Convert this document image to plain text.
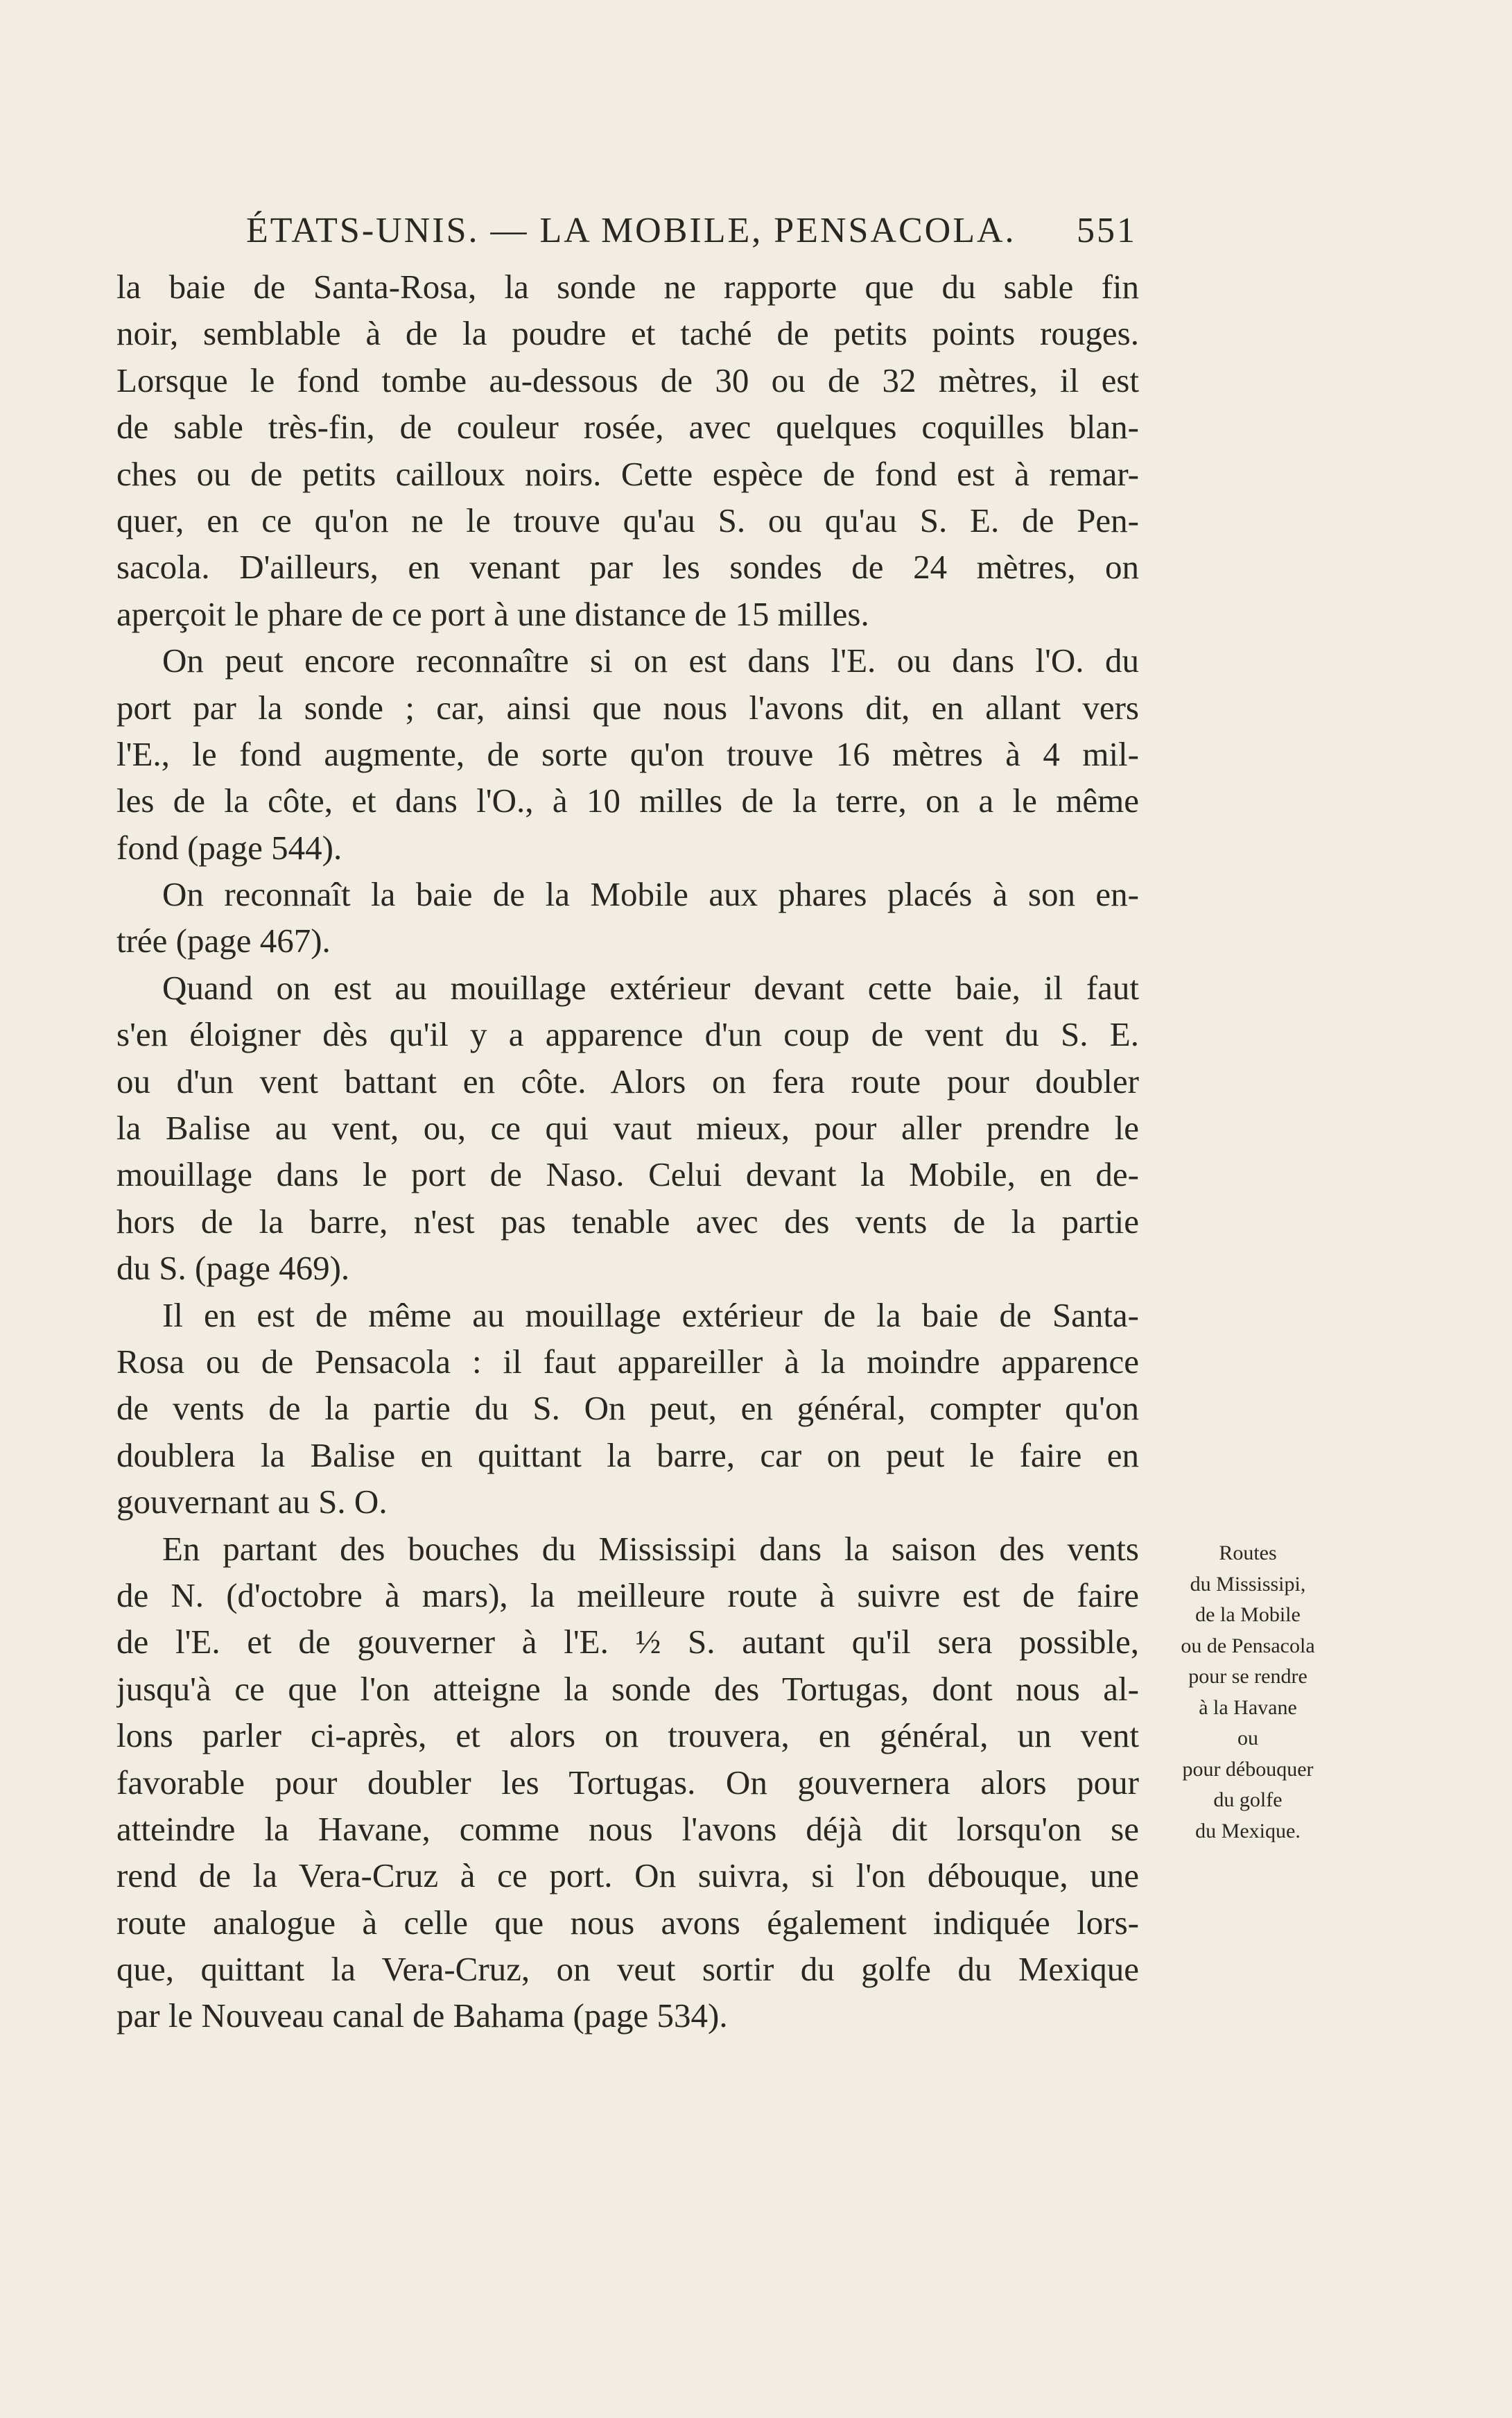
ÉTATS-UNIS. — LA MOBILE, PENSACOLA. 551
la baie de Santa-Rosa, la sonde ne rapporte que du sable fin
noir, semblable à de la poudre et taché de petits points rouges.
Lorsque le fond tombe au-dessous de 30 ou de 32 mètres, il est
de sable très-fin, de couleur rosée, avec quelques coquilles blan-
ches ou de petits cailloux noirs. Cette espèce de fond est à remar-
quer, en ce qu'on ne le trouve qu'au S. ou qu'au S. E. de Pen-
sacola. D'ailleurs, en venant par les sondes de 24 mètres, on
aperçoit le phare de ce port à une distance de 15 milles.
On peut encore reconnaître si on est dans l'E. ou dans l'O. du
port par la sonde ; car, ainsi que nous l'avons dit, en allant vers
l'E., le fond augmente, de sorte qu'on trouve 16 mètres à 4 mil-
les de la côte, et dans l'O., à 10 milles de la terre, on a le même
fond (page 544).
On reconnaît la baie de la Mobile aux phares placés à son en-
trée (page 467).
Quand on est au mouillage extérieur devant cette baie, il faut
s'en éloigner dès qu'il y a apparence d'un coup de vent du S. E.
ou d'un vent battant en côte. Alors on fera route pour doubler
la Balise au vent, ou, ce qui vaut mieux, pour aller prendre le
mouillage dans le port de Naso. Celui devant la Mobile, en de-
hors de la barre, n'est pas tenable avec des vents de la partie
du S. (page 469).
Il en est de même au mouillage extérieur de la baie de Santa-
Rosa ou de Pensacola : il faut appareiller à la moindre apparence
de vents de la partie du S. On peut, en général, compter qu'on
doublera la Balise en quittant la barre, car on peut le faire en
gouvernant au S. O.
En partant des bouches du Mississipi dans la saison des vents
de N. (d'octobre à mars), la meilleure route à suivre est de faire
de l'E. et de gouverner à l'E. ½ S. autant qu'il sera possible,
jusqu'à ce que l'on atteigne la sonde des Tortugas, dont nous al-
lons parler ci-après, et alors on trouvera, en général, un vent
favorable pour doubler les Tortugas. On gouvernera alors pour
atteindre la Havane, comme nous l'avons déjà dit lorsqu'on se
rend de la Vera-Cruz à ce port. On suivra, si l'on débouque, une
route analogue à celle que nous avons également indiquée lors-
que, quittant la Vera-Cruz, on veut sortir du golfe du Mexique
par le Nouveau canal de Bahama (page 534).
Routes
du Mississipi,
de la Mobile
ou de Pensacola
pour se rendre
à la Havane
ou
pour débouquer
du golfe
du Mexique.
